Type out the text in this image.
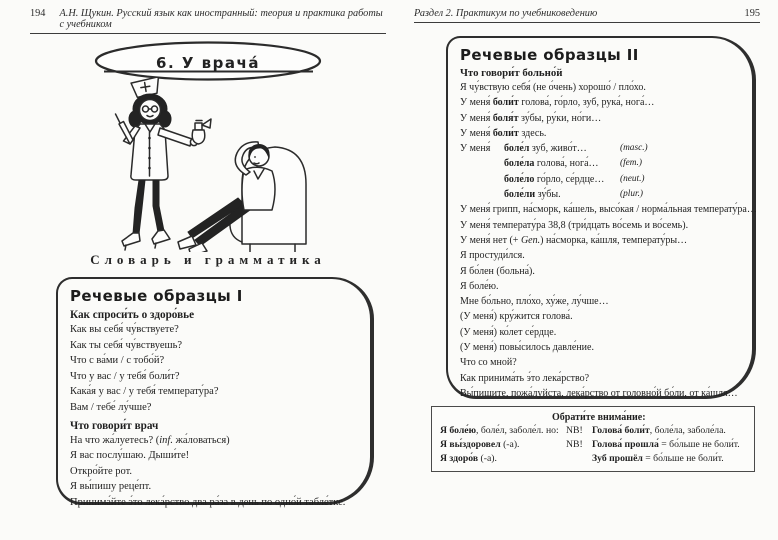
194 А.Н. Щукин. Русский язык как иностранный: теория и практика работы с учебником
Раздел 2. Практикум по учебниковедению	195
6. У врача́
Словарь и грамматика
Речевые образцы I
Как спроси́ть о здоро́вье
Как вы себя́ чу́вствуете?
Как ты себя́ чу́вствуешь?
Что с ва́ми / с тобо́й?
Что у вас / у тебя́ боли́т?
Кака́я у вас / у тебя́ температу́ра?
Вам / тебе́ лу́чше?
Что говори́т врач
На что жа́луетесь? (inf. жа́ловаться)
Я вас послу́шаю. Дыши́те!
Откро́йте рот.
Я вы́пишу реце́пт.
Принима́йте э́то лека́рство два ра́за в день по одно́й табле́тке.
Речевые образцы II
Что говори́т больно́й
Я чу́вствую себя́ (не о́чень) хорошо́ / пло́хо.
У меня́ боли́т голова́, го́рло, зуб, рука́, нога́…
У меня́ боля́т зу́бы, ру́ки, но́ги…
У меня́ боли́т здесь.
У меня́	боле́л зуб, живо́т…	(masc.)
боле́ла голова́, нога́…	(fem.)
боле́ло го́рло, се́рдце…	(neut.)
боле́ли зу́бы.	(plur.)
У меня́ грипп, на́сморк, ка́шель, высо́кая / норма́льная температу́ра…
У меня́ температу́ра 38,8 (три́дцать во́семь и во́семь).
У меня́ нет (+ Gen.) на́сморка, ка́шля, температу́ры…
Я простуди́лся.
Я бо́лен (больна́).
Я боле́ю.
Мне бо́льно, пло́хо, ху́же, лу́чше…
(У меня́) кру́жится голова́.
(У меня́) ко́лет се́рдце.
(У меня́) повы́силось давле́ние.
Что со мной?
Как принима́ть э́то лека́рство?
Вы́пишите, пожа́луйста, лека́рство от головно́й бо́ли, от ка́шля…
Обрати́те внима́ние:
Я боле́ю, боле́л, заболе́л. но: NB! Голова́ боли́т, боле́ла, заболе́ла.
Я вы́здоровел (-а).	NB! Голова́ прошла́ = бо́льше не боли́т.
Я здоро́в (-а).	Зуб прошёл = бо́льше не боли́т.
